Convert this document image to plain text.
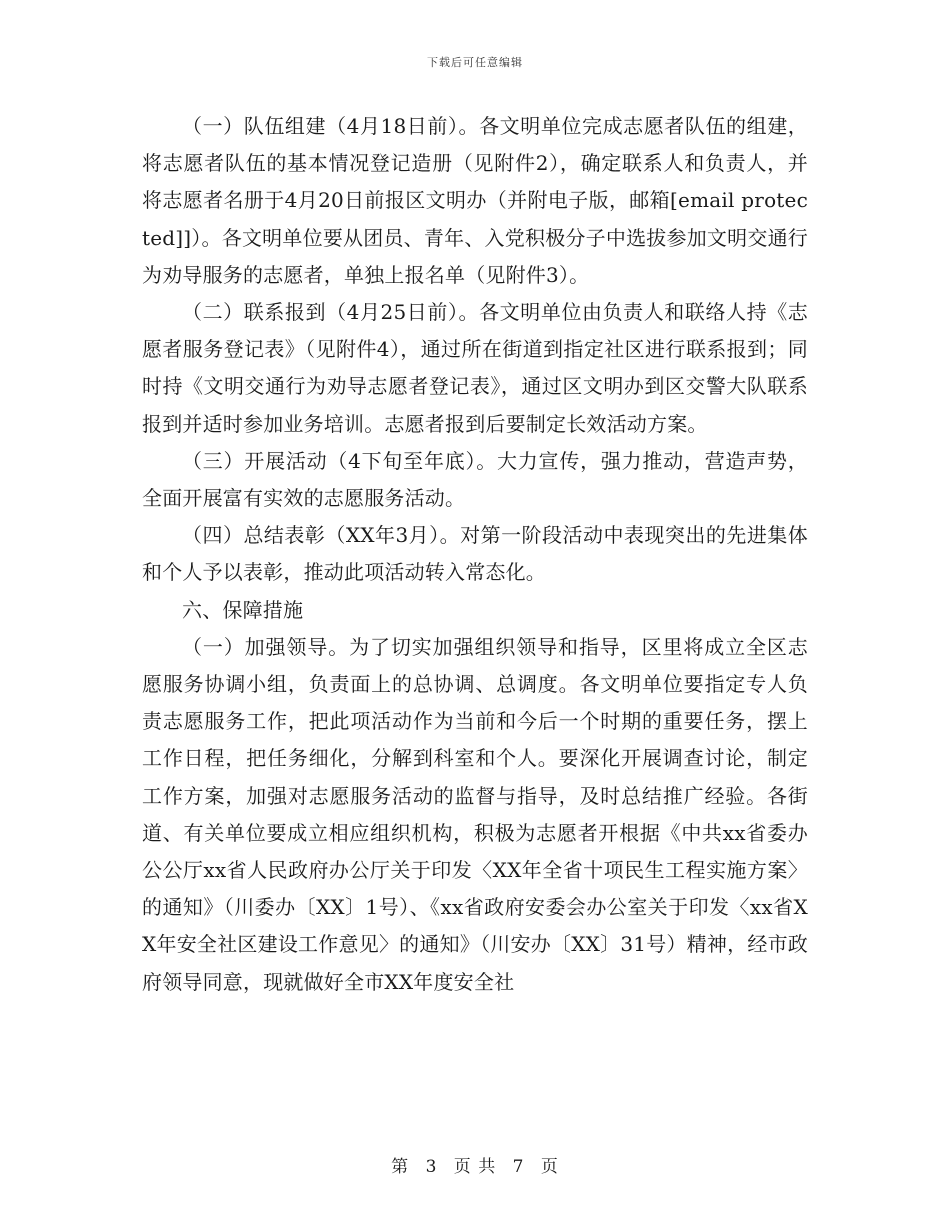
下载后可任意编辑

（一）队伍组建（4月18日前）。各文明单位完成志愿者队伍的组建，将志愿者队伍的基本情况登记造册（见附件2），确定联系人和负责人，并将志愿者名册于4月20日前报区文明办（并附电子版，邮箱[email protected]]）。各文明单位要从团员、青年、入党积极分子中选拔参加文明交通行为劝导服务的志愿者，单独上报名单（见附件3）。

（二）联系报到（4月25日前）。各文明单位由负责人和联络人持《志愿者服务登记表》（见附件4），通过所在街道到指定社区进行联系报到；同时持《文明交通行为劝导志愿者登记表》，通过区文明办到区交警大队联系报到并适时参加业务培训。志愿者报到后要制定长效活动方案。

（三）开展活动（4下旬至年底）。大力宣传，强力推动，营造声势，全面开展富有实效的志愿服务活动。

（四）总结表彰（XX年3月）。对第一阶段活动中表现突出的先进集体和个人予以表彰，推动此项活动转入常态化。

六、保障措施

（一）加强领导。为了切实加强组织领导和指导，区里将成立全区志愿服务协调小组，负责面上的总协调、总调度。各文明单位要指定专人负责志愿服务工作，把此项活动作为当前和今后一个时期的重要任务，摆上工作日程，把任务细化，分解到科室和个人。要深化开展调查讨论，制定工作方案，加强对志愿服务活动的监督与指导，及时总结推广经验。各街道、有关单位要成立相应组织机构，积极为志愿者开根据《中共xx省委办公公厅xx省人民政府办公厅关于印发〈XX年全省十项民生工程实施方案〉的通知》（川委办〔XX〕1号）、《xx省政府安委会办公室关于印发〈xx省XX年安全社区建设工作意见〉的通知》（川安办〔XX〕31号）精神，经市政府领导同意，现就做好全市XX年度安全社

第 3 页 共 7 页
